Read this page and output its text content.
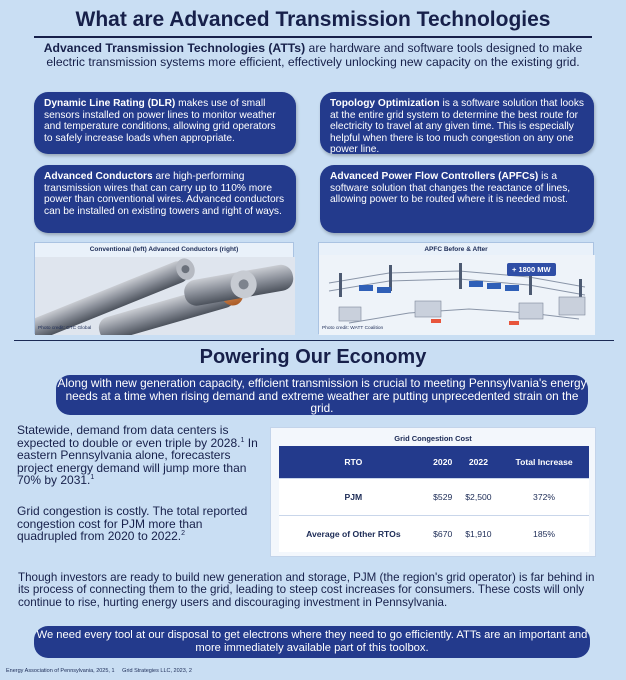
What are Advanced Transmission Technologies
Advanced Transmission Technologies (ATTs) are hardware and software tools designed to make electric transmission systems more efficient, effectively unlocking new capacity on the existing grid.
Dynamic Line Rating (DLR) makes use of small sensors installed on power lines to monitor weather and temperature conditions, allowing grid operators to safely increase loads when appropriate.
Topology Optimization is a software solution that looks at the entire grid system to determine the best route for electricity to travel at any given time. This is especially helpful when there is too much congestion on any one power line.
Advanced Conductors are high-performing transmission wires that can carry up to 110% more power than conventional wires. Advanced conductors can be installed on existing towers and right of ways.
Advanced Power Flow Controllers (APFCs) is a software solution that changes the reactance of lines, allowing power to be routed where it is needed most.
Conventional (left) Advanced Conductors (right)
Photo credit: CTC Global
APFC Before & After
+ 1800 MW
Photo credit: WATT Coalition
Powering Our Economy
Along with new generation capacity, efficient transmission is crucial to meeting Pennsylvania's energy needs at a time when rising demand and extreme weather are putting unprecedented strain on the grid.
Statewide, demand from data centers is expected to double or even triple by 2028.$^1$ In eastern Pennsylvania alone, forecasters project energy demand will jump more than 70% by 2031.$^1$
Grid congestion is costly. The total reported congestion cost for PJM more than quadrupled from 2020 to 2022.$^2$
Grid Congestion Cost
RTO	2020	2022	Total Increase
PJM	$529	$2,500	372%
Average of Other RTOs	$670	$1,910	185%
Though investors are ready to build new generation and storage, PJM (the region's grid operator) is far behind in its process of connecting them to the grid, leading to steep cost increases for consumers. These costs will only continue to rise, hurting energy users and discouraging investment in Pennsylvania.
We need every tool at our disposal to get electrons where they need to go efficiently. ATTs are an important and more immediately available part of this toolbox.
Energy Association of Pennsylvania, 2025, 1     Grid Strategies LLC, 2023, 2
